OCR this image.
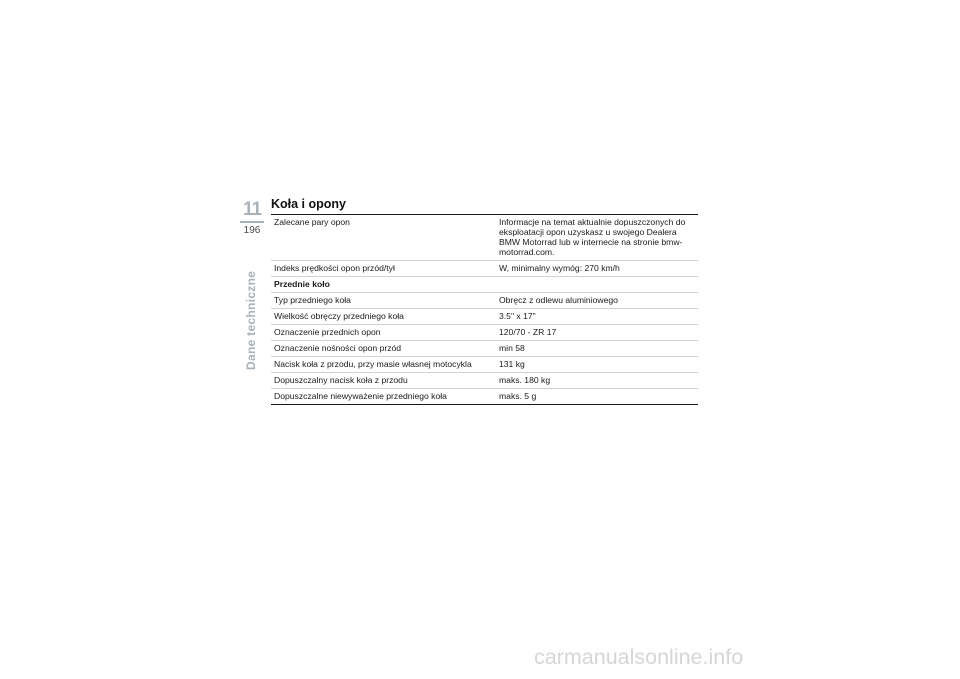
11
196
Dane techniczne
Koła i opony
Zalecane pary opon	Informacje na temat aktualnie dopuszczonych do eksploatacji opon uzyskasz u swojego Dealera BMW Motorrad lub w internecie na stronie bmw-motorrad.com.
Indeks prędkości opon przód/tył	W, minimalny wymóg: 270 km/h
Przednie koło	
Typ przedniego koła	Obręcz z odlewu aluminiowego
Wielkość obręczy przedniego koła	3.5" x 17"
Oznaczenie przednich opon	120/70 - ZR 17
Oznaczenie nośności opon przód	min 58
Nacisk koła z przodu, przy masie własnej motocykla	131 kg
Dopuszczalny nacisk koła z przodu	maks. 180 kg
Dopuszczalne niewyważenie przedniego koła	maks. 5 g
carmanualsonline.info
